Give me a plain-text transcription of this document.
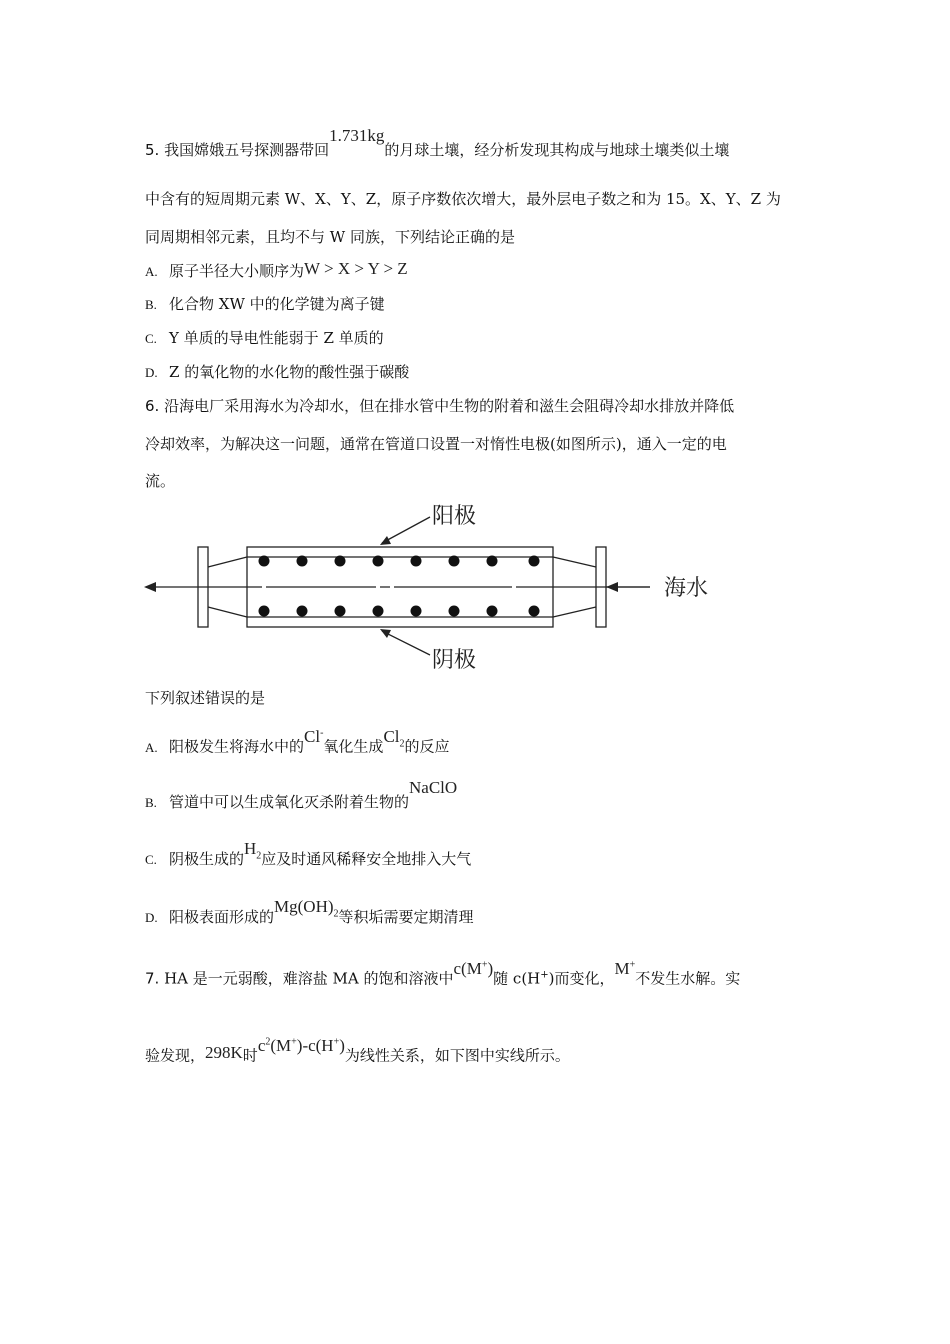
5. 我国嫦娥五号探测器带回1.731kg的月球土壤，经分析发现其构成与地球土壤类似土壤
中含有的短周期元素 W、X、Y、Z，原子序数依次增大，最外层电子数之和为 15。X、Y、Z 为
同周期相邻元素，且均不与 W 同族，下列结论正确的是
A. 原子半径大小顺序为W > X > Y > Z
B. 化合物 XW 中的化学键为离子键
C. Y 单质的导电性能弱于 Z 单质的
D. Z 的氧化物的水化物的酸性强于碳酸
6. 沿海电厂采用海水为冷却水，但在排水管中生物的附着和滋生会阻碍冷却水排放并降低
冷却效率，为解决这一问题，通常在管道口设置一对惰性电极(如图所示)，通入一定的电
流。
阳极
阴极
海水
下列叙述错误的是
A. 阳极发生将海水中的Cl-氧化生成$Cl_2$的反应
B. 管道中可以生成氧化灭杀附着生物的NaClO
C. 阴极生成的$H_2$应及时通风稀释安全地排入大气
D. 阳极表面形成的$Mg(OH)_2$等积垢需要定期清理
7. HA 是一元弱酸，难溶盐 MA 的饱和溶液中c(M+)随 c(H+)而变化，M+不发生水解。实
验发现，298K时$c^2(M^+)-c(H^+)$为线性关系，如下图中实线所示。
